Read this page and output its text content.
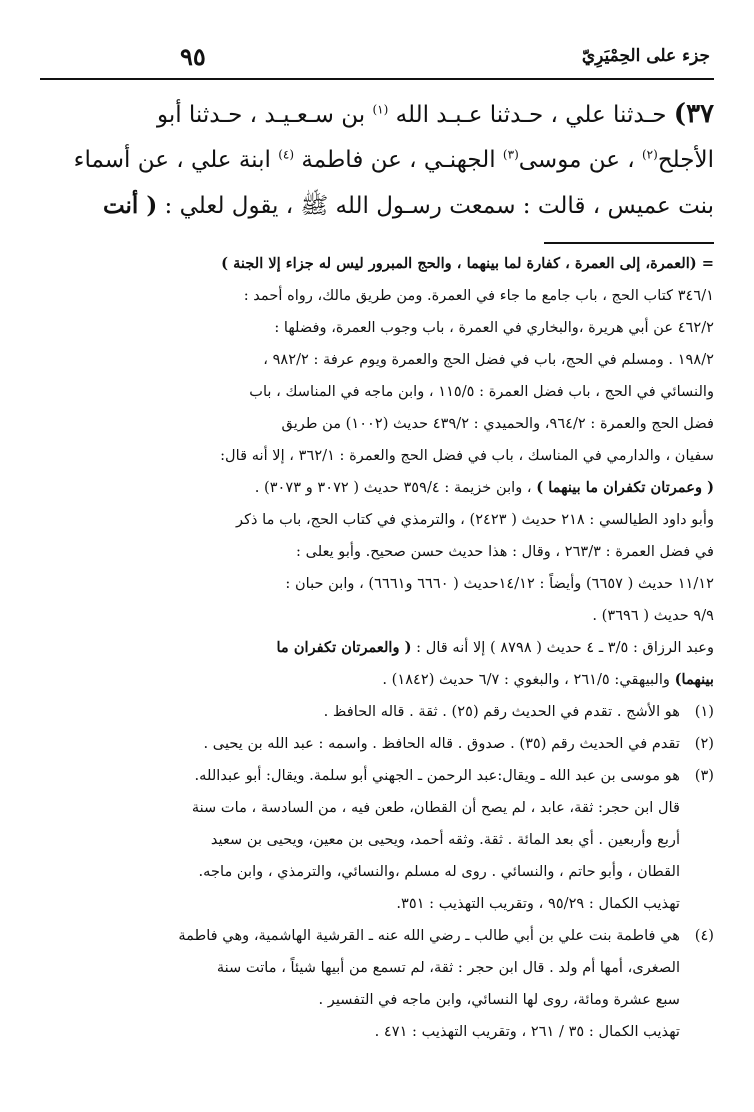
جزء على الحِمْيَرِيّ
٩٥
٣٧) حـدثنا علي ، حـدثنا عـبـد الله $^{(١)}$ بن سـعـيـد ، حـدثنا أبو
الأجلح$^{(٢)}$ ، عن موسى$^{(٣)}$ الجهنـي ، عن فاطمة $^{(٤)}$ ابنة علي ، عن أسماء
بنت عميس ، قالت : سمعت رسـول الله ﷺ ، يقول لعلي : ( أنت
= (العمرة، إلى العمرة ، كفارة لما بينهما ، والحج المبرور ليس له جزاء إلا الجنة )
٣٤٦/١ كتاب الحج ، باب جامع ما جاء في العمرة. ومن طريق مالك، رواه أحمد :
٤٦٢/٢ عن أبي هريرة ،والبخاري في العمرة ، باب وجوب العمرة، وفضلها :
١٩٨/٢ . ومسلم في الحج، باب في فضل الحج والعمرة ويوم عرفة : ٩٨٢/٢ ،
والنسائي في الحج ، باب فضل العمرة : ١١٥/٥ ، وابن ماجه في المناسك ، باب
فضل الحج والعمرة : ٩٦٤/٢، والحميدي : ٤٣٩/٢ حديث (١٠٠٢) من طريق
سفيان ، والدارمي في المناسك ، باب في فضل الحج والعمرة : ٣٦٢/١ ، إلا أنه قال:
( وعمرتان تكفران ما بينهما ) ، وابن خزيمة : ٣٥٩/٤ حديث ( ٣٠٧٢ و ٣٠٧٣) .
وأبو داود الطيالسي : ٢١٨ حديث ( ٢٤٢٣) ، والترمذي في كتاب الحج، باب ما ذكر
في فضل العمرة : ٢٦٣/٣ ، وقال : هذا حديث حسن صحيح. وأبو يعلى :
١١/١٢ حديث ( ٦٦٥٧) وأيضاً : ١٤/١٢حديث ( ٦٦٦٠ و٦٦٦١) ، وابن حبان :
٩/٩ حديث ( ٣٦٩٦) .
وعبد الرزاق : ٣/٥ ـ ٤ حديث ( ٨٧٩٨ ) إلا أنه قال : ( والعمرتان تكفران ما
بينهما) والبيهقي: ٢٦١/٥ ، والبغوي : ٦/٧ حديث (١٨٤٢) .
(١)
هو الأشج . تقدم في الحديث رقم (٢٥) . ثقة . قاله الحافظ .
(٢)
تقدم في الحديث رقم (٣٥) . صدوق . قاله الحافظ . واسمه : عبد الله بن يحيى .
(٣)
هو موسى بن عبد الله ـ ويقال:عبد الرحمن ـ الجهني أبو سلمة. ويقال: أبو عبدالله.
قال ابن حجر: ثقة، عابد ، لم يصح أن القطان، طعن فيه ، من السادسة ، مات سنة
أربع وأربعين . أي بعد المائة . ثقة. وثقه أحمد، ويحيى بن معين، ويحيى بن سعيد
القطان ، وأبو حاتم ، والنسائي . روى له مسلم ،والنسائي، والترمذي ، وابن ماجه.
تهذيب الكمال : ٩٥/٢٩ ، وتقريب التهذيب : ٣٥١.
(٤)
هي فاطمة بنت علي بن أبي طالب ـ رضي الله عنه ـ القرشية الهاشمية، وهي فاطمة
الصغرى، أمها أم ولد . قال ابن حجر : ثقة، لم تسمع من أبيها شيئاً ، ماتت سنة
سبع عشرة ومائة، روى لها النسائي، وابن ماجه في التفسير .
تهذيب الكمال : ٣٥ / ٢٦١ ، وتقريب التهذيب : ٤٧١ .
